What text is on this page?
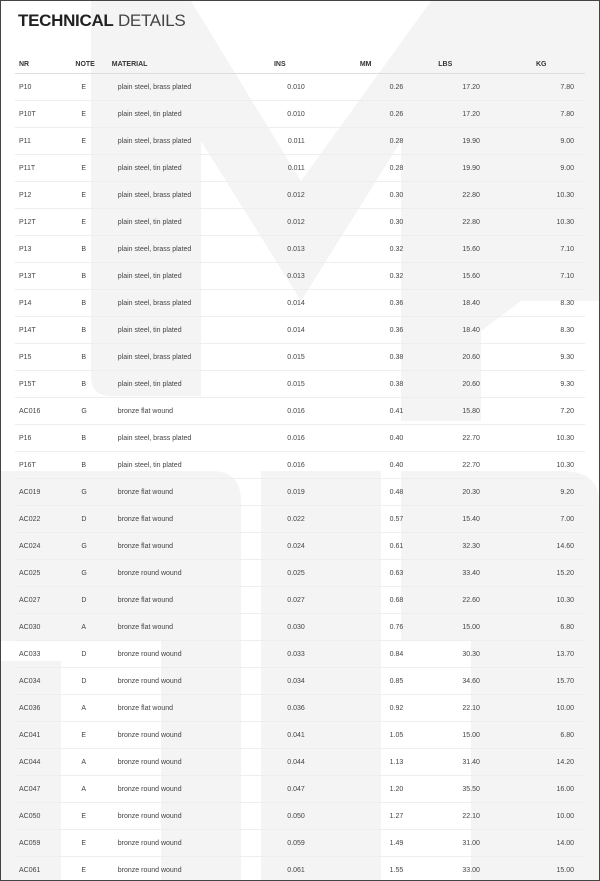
TECHNICAL DETAILS
NR	NOTE	MATERIAL	INS	MM	LBS	KG
P10	E	plain steel, brass plated	0.010	0.26	17.20	7.80
P10T	E	plain steel, tin plated	0.010	0.26	17.20	7.80
P11	E	plain steel, brass plated	0.011	0.28	19.90	9.00
P11T	E	plain steel, tin plated	0.011	0.28	19.90	9.00
P12	E	plain steel, brass plated	0.012	0.30	22.80	10.30
P12T	E	plain steel, tin plated	0.012	0.30	22.80	10.30
P13	B	plain steel, brass plated	0.013	0.32	15.60	7.10
P13T	B	plain steel, tin plated	0.013	0.32	15.60	7.10
P14	B	plain steel, brass plated	0.014	0.36	18.40	8.30
P14T	B	plain steel, tin plated	0.014	0.36	18.40	8.30
P15	B	plain steel, brass plated	0.015	0.38	20.60	9.30
P15T	B	plain steel, tin plated	0.015	0.38	20.60	9.30
AC016	G	bronze flat wound	0.016	0.41	15.80	7.20
P16	B	plain steel, brass plated	0.016	0.40	22.70	10.30
P16T	B	plain steel, tin plated	0.016	0.40	22.70	10.30
AC019	G	bronze flat wound	0.019	0.48	20.30	9.20
AC022	D	bronze flat wound	0.022	0.57	15.40	7.00
AC024	G	bronze flat wound	0.024	0.61	32.30	14.60
AC025	G	bronze round wound	0.025	0.63	33.40	15.20
AC027	D	bronze flat wound	0.027	0.68	22.60	10.30
AC030	A	bronze flat wound	0.030	0.76	15.00	6.80
AC033	D	bronze round wound	0.033	0.84	30.30	13.70
AC034	D	bronze round wound	0.034	0.85	34.60	15.70
AC036	A	bronze flat wound	0.036	0.92	22.10	10.00
AC041	E	bronze round wound	0.041	1.05	15.00	6.80
AC044	A	bronze round wound	0.044	1.13	31.40	14.20
AC047	A	bronze round wound	0.047	1.20	35.50	16.00
AC050	E	bronze round wound	0.050	1.27	22.10	10.00
AC059	E	bronze round wound	0.059	1.49	31.00	14.00
AC061	E	bronze round wound	0.061	1.55	33.00	15.00
